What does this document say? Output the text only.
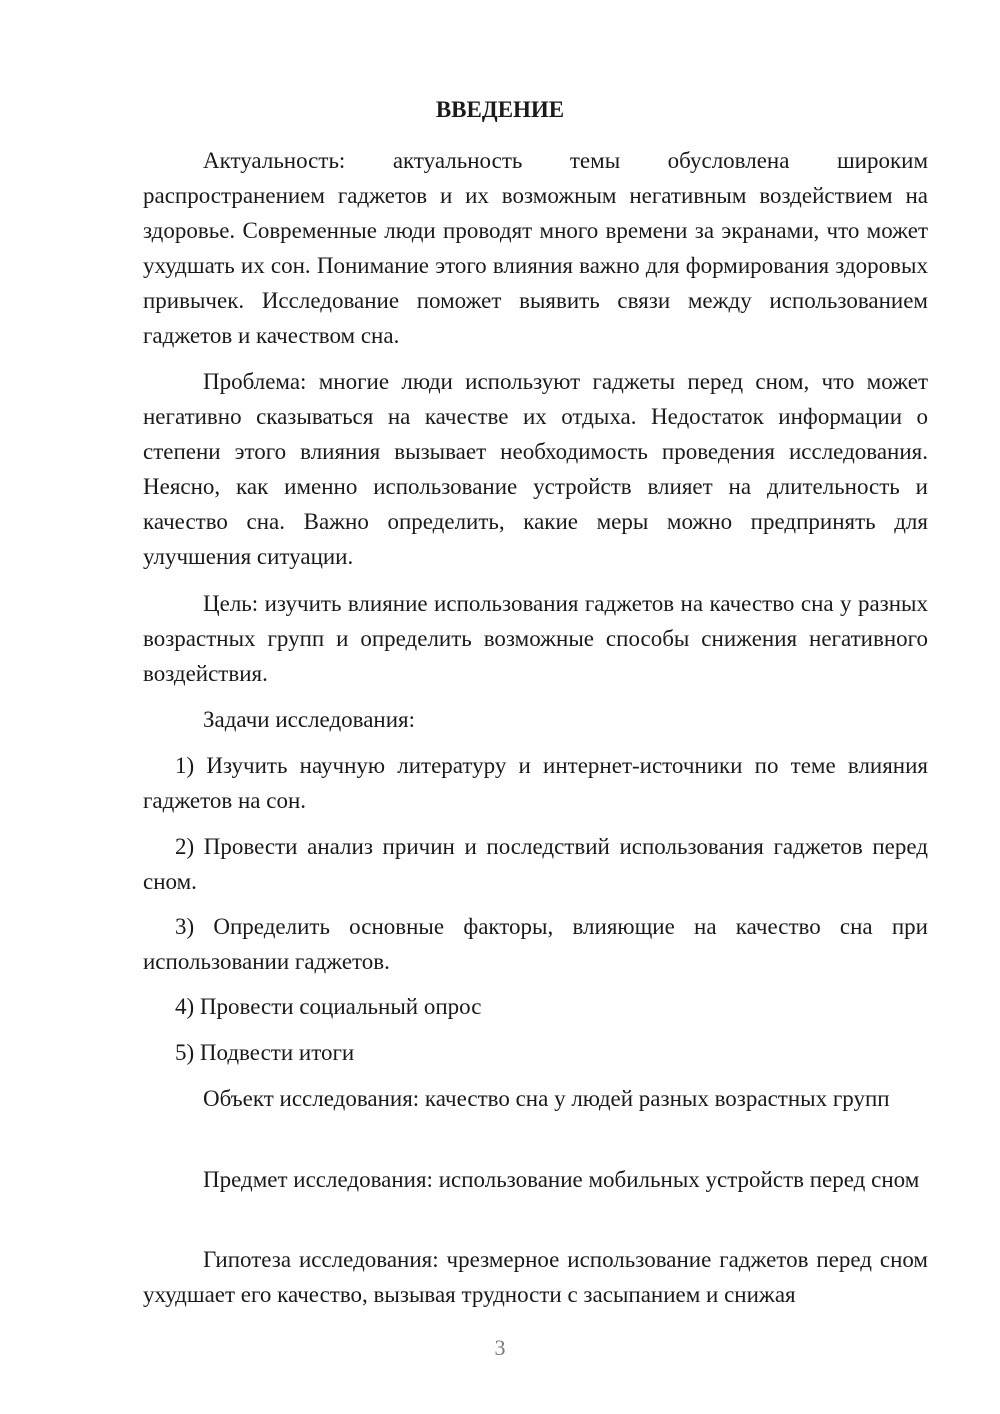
ВВЕДЕНИЕ

Актуальность: актуальность темы обусловлена широким распространением гаджетов и их возможным негативным воздействием на здоровье. Современные люди проводят много времени за экранами, что может ухудшать их сон. Понимание этого влияния важно для формирования здоровых привычек. Исследование поможет выявить связи между использованием гаджетов и качеством сна.

Проблема: многие люди используют гаджеты перед сном, что может негативно сказываться на качестве их отдыха. Недостаток информации о степени этого влияния вызывает необходимость проведения исследования. Неясно, как именно использование устройств влияет на длительность и качество сна. Важно определить, какие меры можно предпринять для улучшения ситуации.

Цель: изучить влияние использования гаджетов на качество сна у разных возрастных групп и определить возможные способы снижения негативного воздействия.

Задачи исследования:

1) Изучить научную литературу и интернет-источники по теме влияния гаджетов на сон.

2) Провести анализ причин и последствий использования гаджетов перед сном.

3) Определить основные факторы, влияющие на качество сна при использовании гаджетов.

4) Провести социальный опрос

5) Подвести итоги

Объект исследования: качество сна у людей разных возрастных групп

Предмет исследования: использование мобильных устройств перед сном

Гипотеза исследования: чрезмерное использование гаджетов перед сном ухудшает его качество, вызывая трудности с засыпанием и снижая

3
